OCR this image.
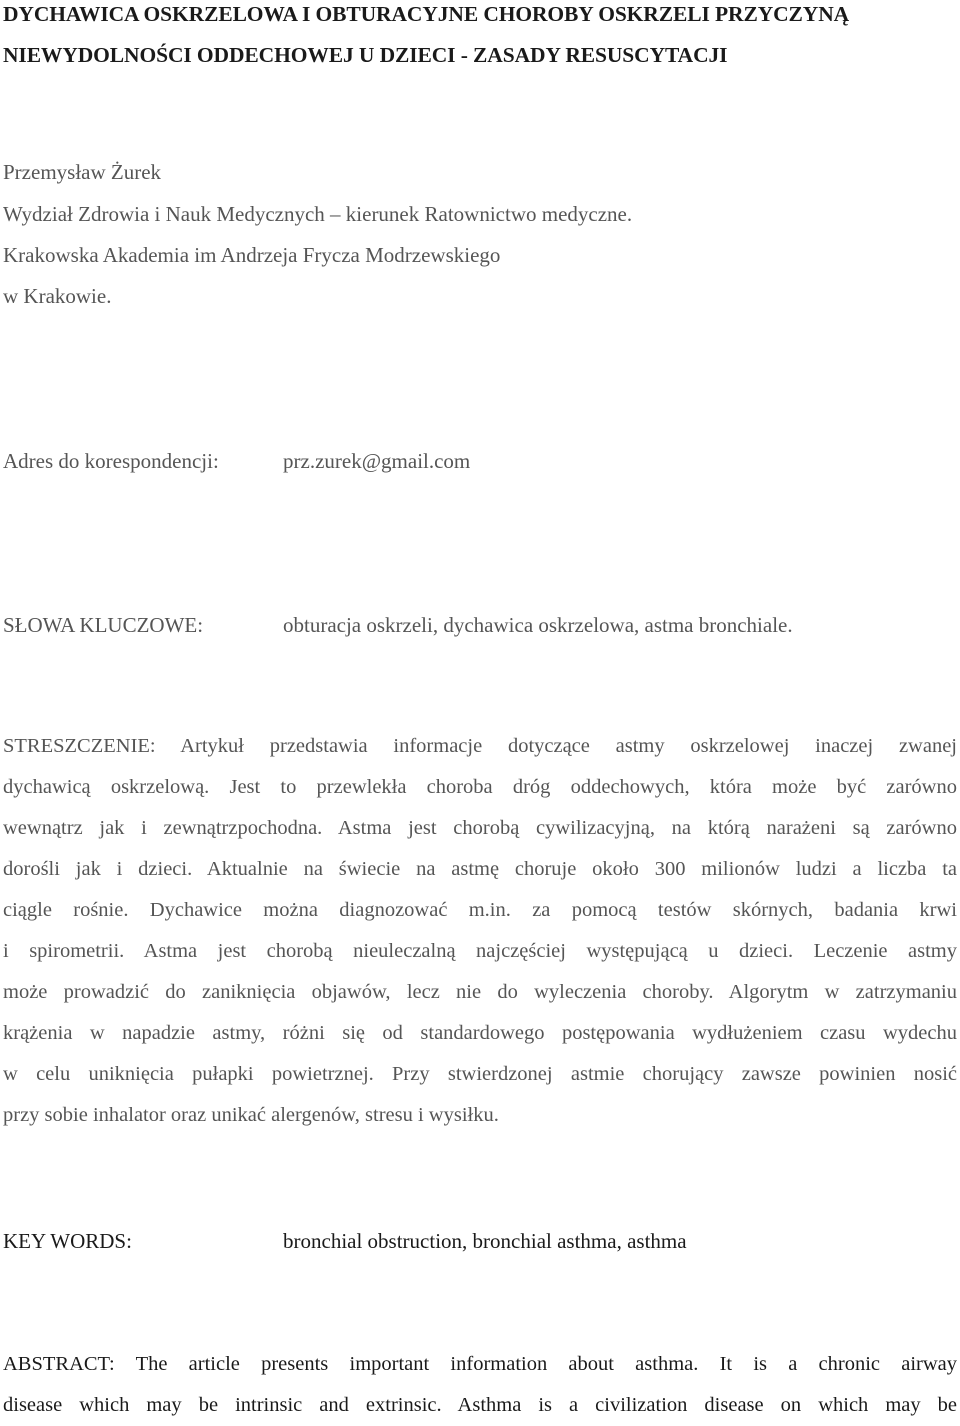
DYCHAWICA OSKRZELOWA I OBTURACYJNE CHOROBY OSKRZELI PRZYCZYNĄ
NIEWYDOLNOŚCI ODDECHOWEJ U DZIECI - ZASADY RESUSCYTACJI
Przemysław Żurek
Wydział Zdrowia i Nauk Medycznych – kierunek Ratownictwo medyczne.
Krakowska Akademia im Andrzeja Frycza Modrzewskiego
w Krakowie.
Adres do korespondencji:	prz.zurek@gmail.com
SŁOWA KLUCZOWE:	obturacja oskrzeli, dychawica oskrzelowa, astma bronchiale.
STRESZCZENIE: Artykuł przedstawia informacje dotyczące astmy oskrzelowej inaczej zwanej
dychawicą oskrzelową. Jest to przewlekła choroba dróg oddechowych, która może być zarówno
wewnątrz jak i zewnątrzpochodna. Astma jest chorobą cywilizacyjną, na którą narażeni są zarówno
dorośli jak i dzieci. Aktualnie na świecie na astmę choruje około 300 milionów ludzi a liczba ta
ciągle rośnie. Dychawice można diagnozować m.in. za pomocą testów skórnych, badania krwi
i spirometrii. Astma jest chorobą nieuleczalną najczęściej występującą u dzieci. Leczenie astmy
może prowadzić do zaniknięcia objawów, lecz nie do wyleczenia choroby. Algorytm w zatrzymaniu
krążenia w napadzie astmy, różni się od standardowego postępowania wydłużeniem czasu wydechu
w celu uniknięcia pułapki powietrznej. Przy stwierdzonej astmie chorujący zawsze powinien nosić
przy sobie inhalator oraz unikać alergenów, stresu i wysiłku.
KEY WORDS:	bronchial obstruction, bronchial asthma, asthma
ABSTRACT: The article presents important information about asthma. It is a chronic airway
disease which may be intrinsic and extrinsic. Asthma is a civilization disease on which may be
